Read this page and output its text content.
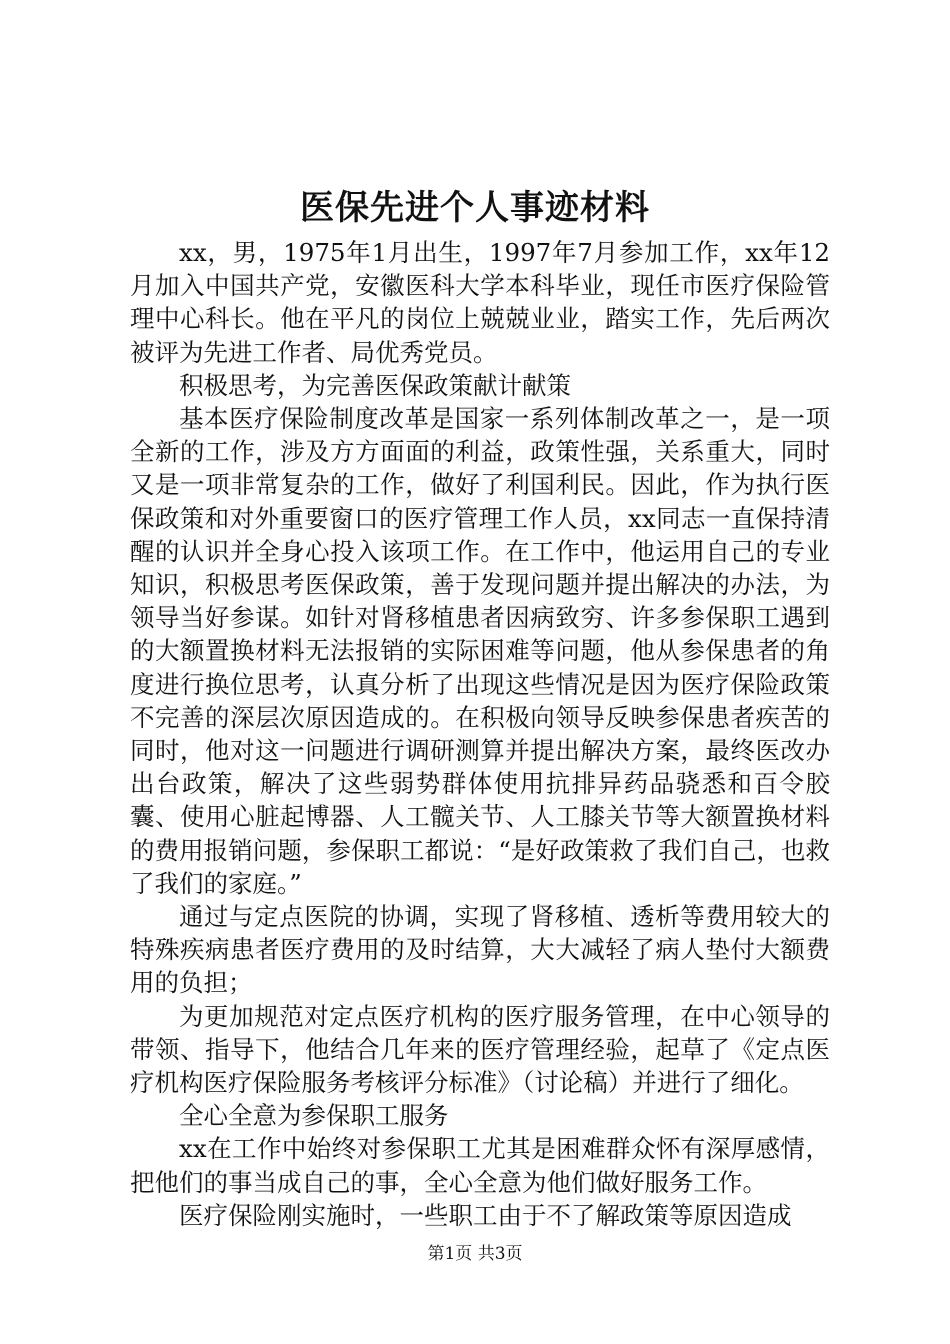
医保先进个人事迹材料

xx，男，1975年1月出生，1997年7月参加工作，xx年12月加入中国共产党，安徽医科大学本科毕业，现任市医疗保险管理中心科长。他在平凡的岗位上兢兢业业，踏实工作，先后两次被评为先进工作者、局优秀党员。

积极思考，为完善医保政策献计献策

基本医疗保险制度改革是国家一系列体制改革之一，是一项全新的工作，涉及方方面面的利益，政策性强，关系重大，同时又是一项非常复杂的工作，做好了利国利民。因此，作为执行医保政策和对外重要窗口的医疗管理工作人员，xx同志一直保持清醒的认识并全身心投入该项工作。在工作中，他运用自己的专业知识，积极思考医保政策，善于发现问题并提出解决的办法，为领导当好参谋。如针对肾移植患者因病致穷、许多参保职工遇到的大额置换材料无法报销的实际困难等问题，他从参保患者的角度进行换位思考，认真分析了出现这些情况是因为医疗保险政策不完善的深层次原因造成的。在积极向领导反映参保患者疾苦的同时，他对这一问题进行调研测算并提出解决方案，最终医改办出台政策，解决了这些弱势群体使用抗排异药品骁悉和百令胶囊、使用心脏起博器、人工髋关节、人工膝关节等大额置换材料的费用报销问题，参保职工都说：“是好政策救了我们自己，也救了我们的家庭。”

通过与定点医院的协调，实现了肾移植、透析等费用较大的特殊疾病患者医疗费用的及时结算，大大减轻了病人垫付大额费用的负担；

为更加规范对定点医疗机构的医疗服务管理，在中心领导的带领、指导下，他结合几年来的医疗管理经验，起草了《定点医疗机构医疗保险服务考核评分标准》（讨论稿）并进行了细化。

全心全意为参保职工服务

xx在工作中始终对参保职工尤其是困难群众怀有深厚感情，把他们的事当成自己的事，全心全意为他们做好服务工作。

医疗保险刚实施时，一些职工由于不了解政策等原因造成

第1页 共3页
